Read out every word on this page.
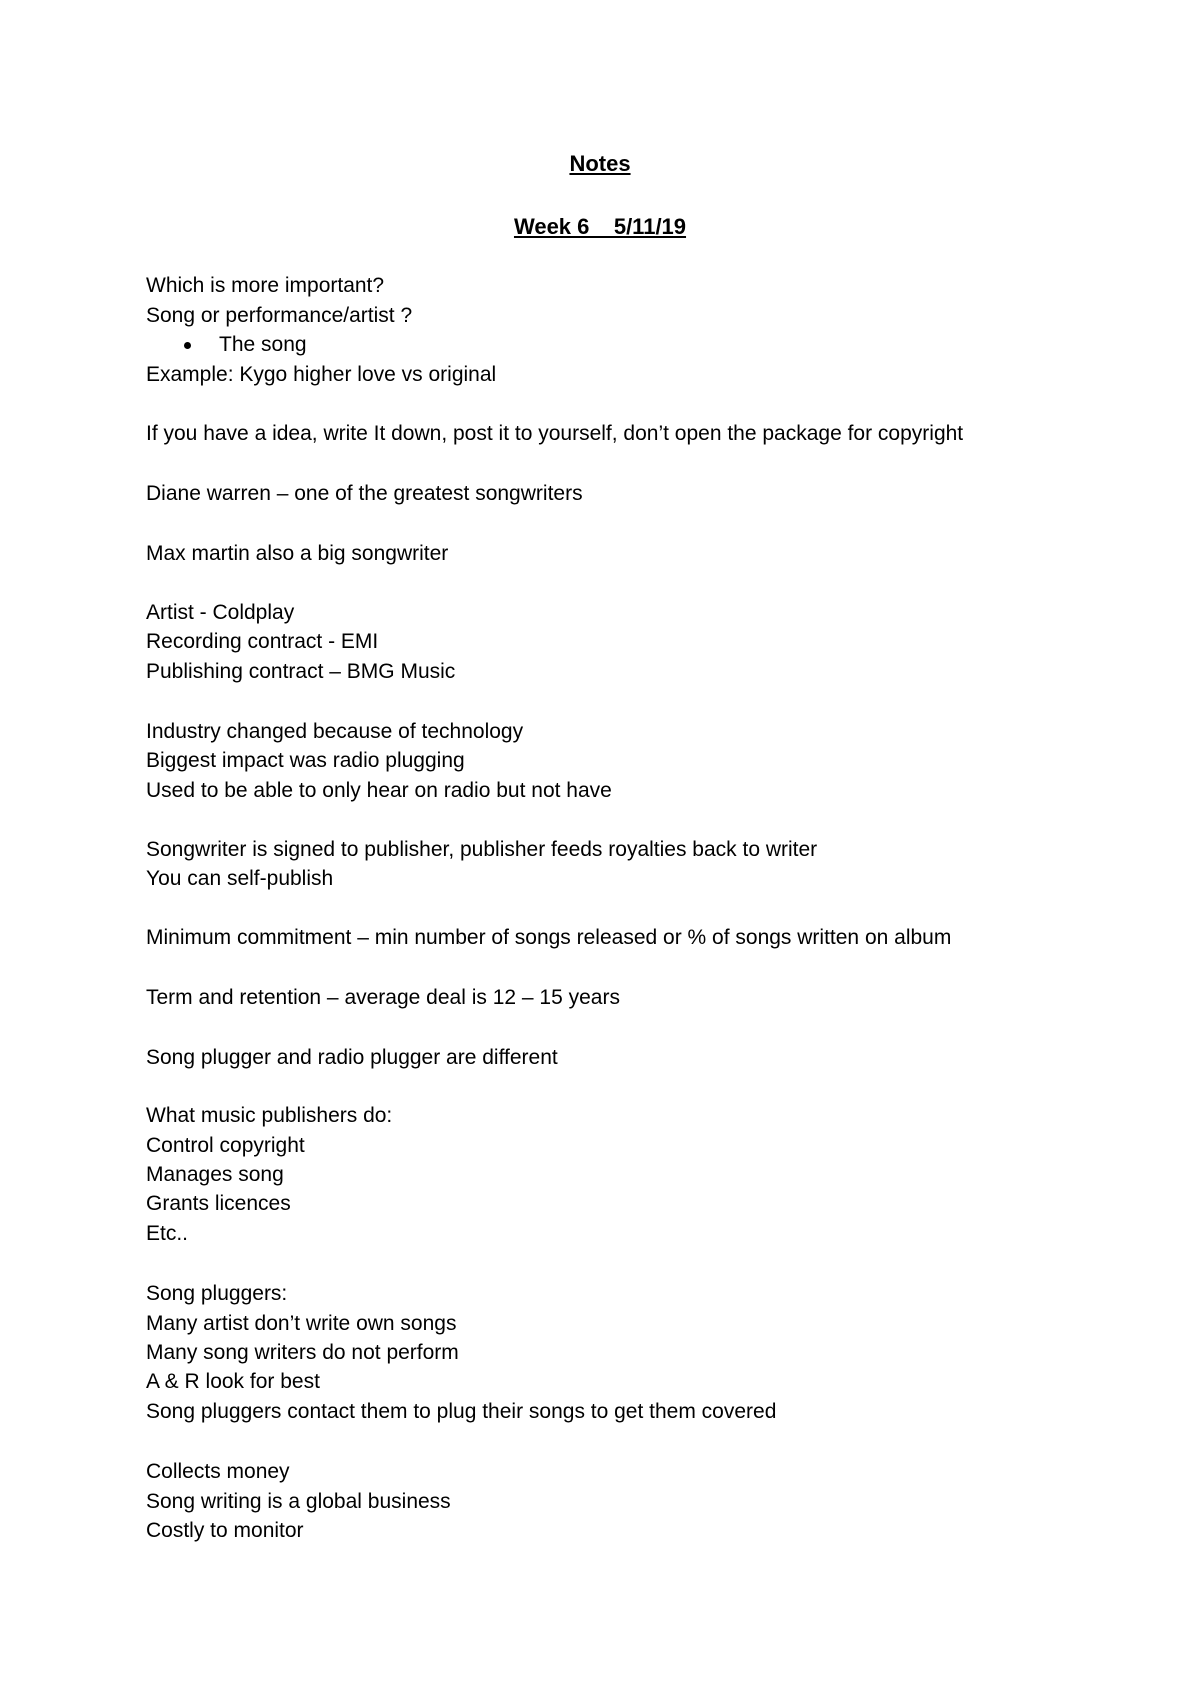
Notes
Week 6    5/11/19
Which is more important?
Song or performance/artist ?
The song
Example: Kygo higher love vs original
If you have a idea, write It down, post it to yourself, don’t open the package for copyright
Diane warren – one of the greatest songwriters
Max martin also a big songwriter
Artist - Coldplay
Recording contract - EMI
Publishing contract – BMG Music
Industry changed because of technology
Biggest impact was radio plugging
Used to be able to only hear on radio but not have
Songwriter is signed to publisher, publisher feeds royalties back to writer
You can self-publish
Minimum commitment – min number of songs released or % of songs written on album
Term and retention – average deal is 12 – 15 years
Song plugger and radio plugger are different
What music publishers do:
Control copyright
Manages song
Grants licences
Etc..
Song pluggers:
Many artist don’t write own songs
Many song writers do not perform
A & R look for best
Song pluggers contact them to plug their songs to get them covered
Collects money
Song writing is a global business
Costly to monitor
